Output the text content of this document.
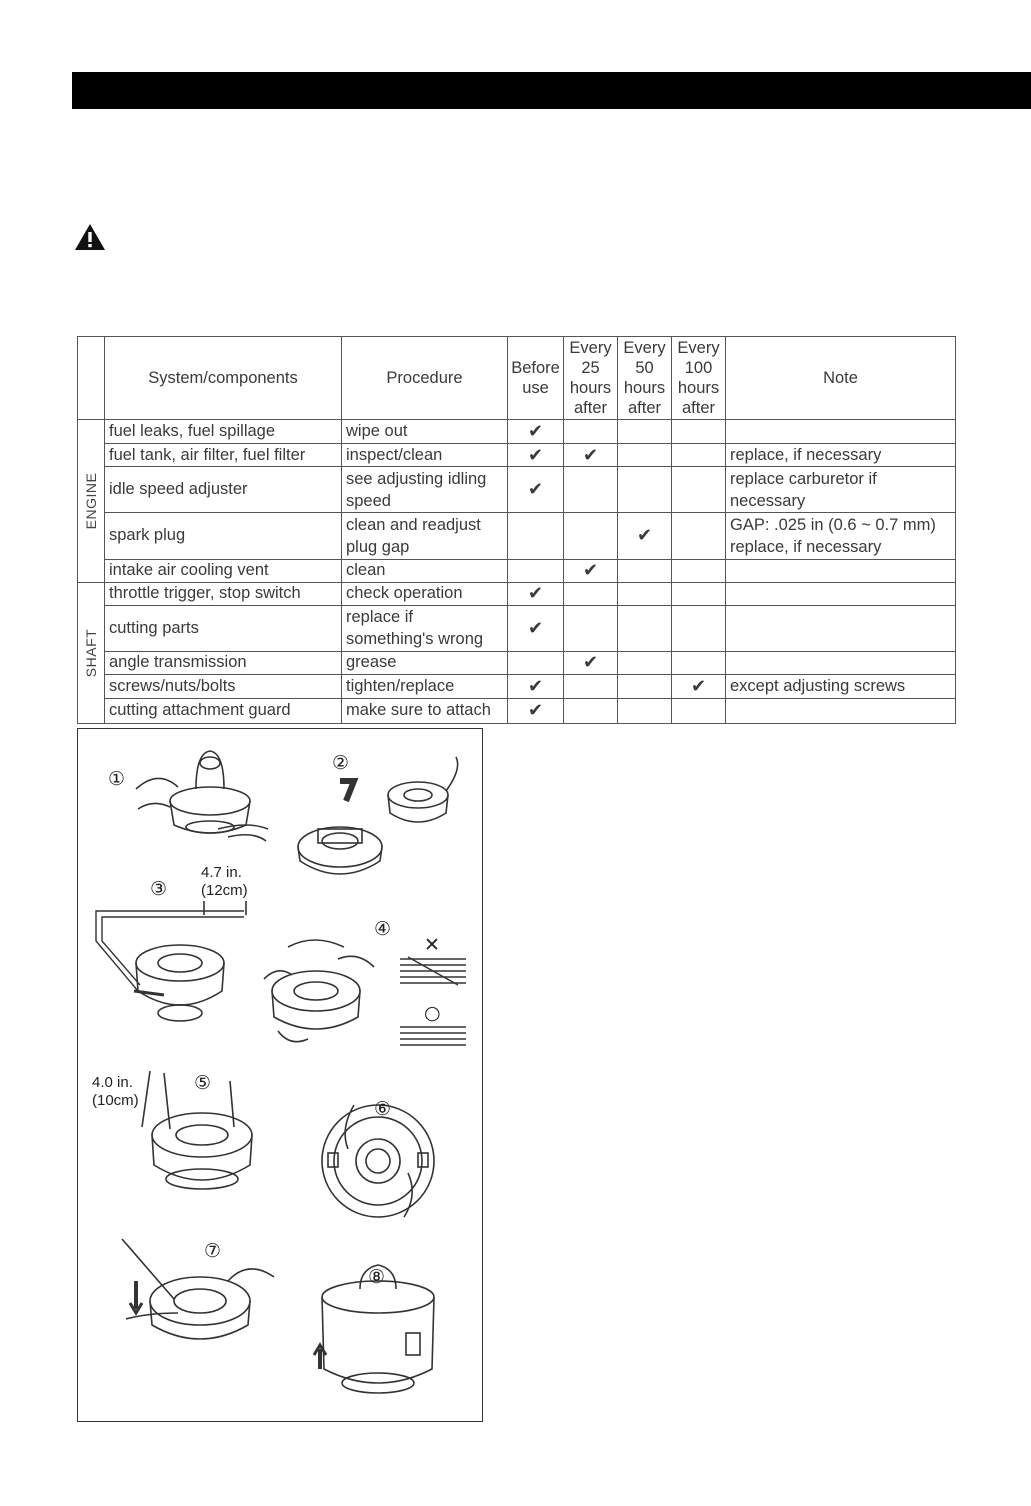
	System/components	Procedure	Before use	Every 25 hours after	Every 50 hours after	Every 100 hours after	Note

ENGINE	fuel leaks, fuel spillage	wipe out	✔				
	fuel tank, air filter, fuel filter	inspect/clean	✔	✔			replace, if necessary
	idle speed adjuster	see adjusting idling speed	✔				replace carburetor if necessary
	spark plug	clean and readjust plug gap			✔		GAP: .025 in (0.6 ~ 0.7 mm) replace, if necessary
	intake air cooling vent	clean		✔			

SHAFT	throttle trigger, stop switch	check operation	✔				
	cutting parts	replace if something's wrong	✔				
	angle transmission	grease		✔			
	screws/nuts/bolts	tighten/replace	✔			✔	except adjusting screws
	cutting attachment guard	make sure to attach	✔				
①
②
③
④
⑤
⑥
⑦
⑧
4.7 in.
(12cm)
4.0 in.
(10cm)
✕
○
